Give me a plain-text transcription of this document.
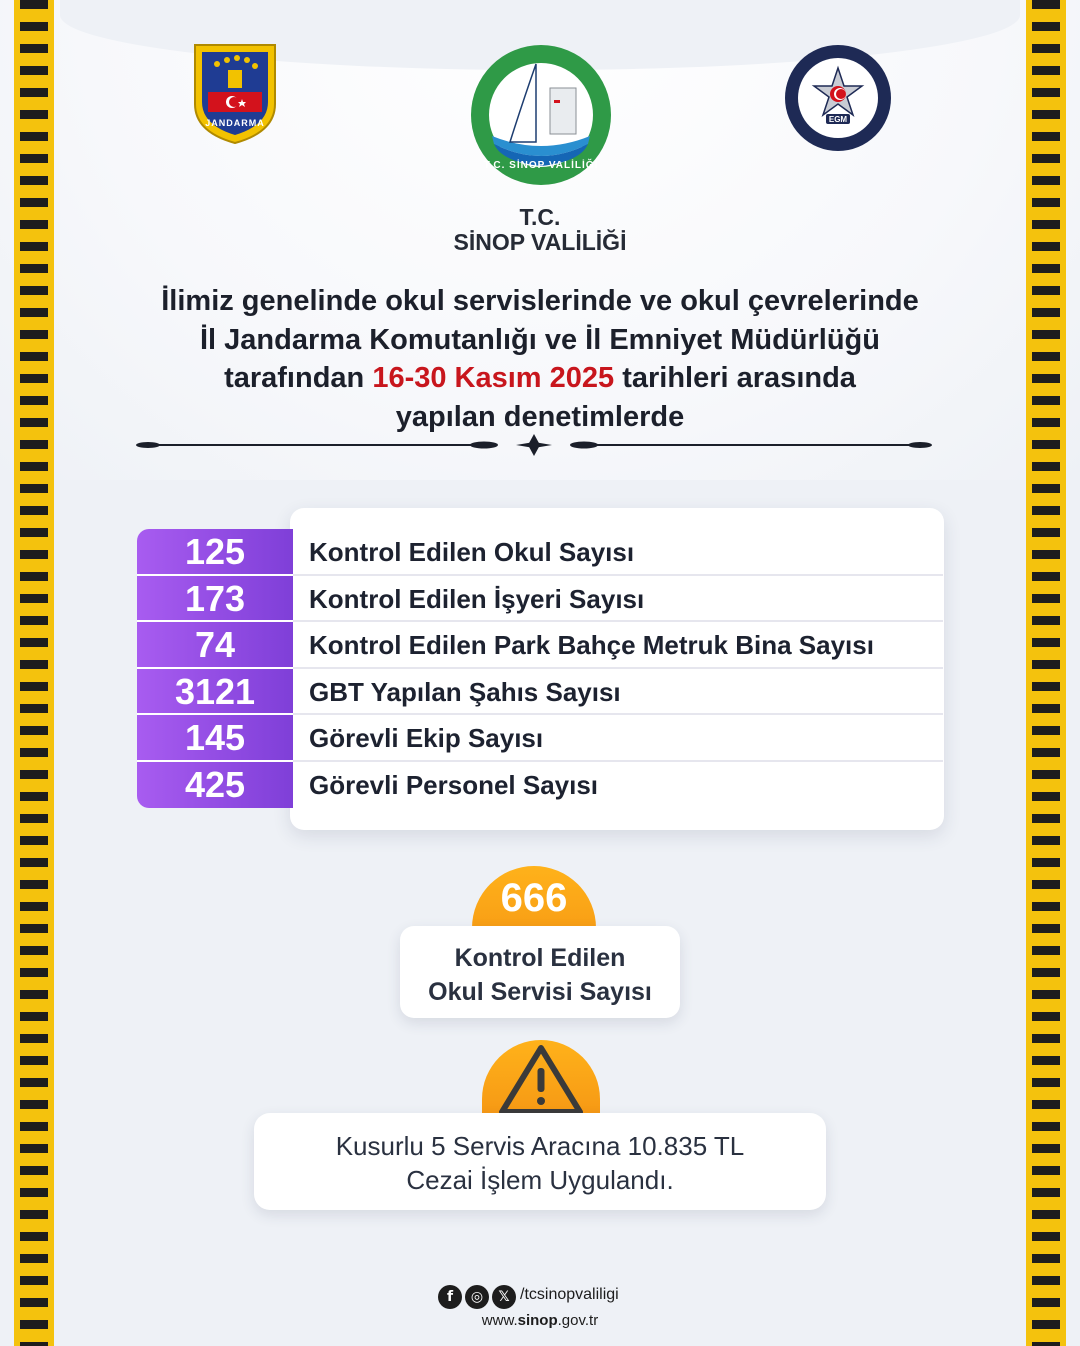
JANDARMA
T.C. SİNOP VALİLİĞİ
EGM
T.C.
SİNOP VALİLİĞİ
İlimiz genelinde okul servislerinde ve okul çevrelerinde
İl Jandarma Komutanlığı ve İl Emniyet Müdürlüğü
tarafından 16-30 Kasım 2025 tarihleri arasında
yapılan denetimlerde
125	Kontrol Edilen Okul Sayısı
173	Kontrol Edilen İşyeri Sayısı
74	Kontrol Edilen Park Bahçe Metruk Bina Sayısı
3121	GBT Yapılan Şahıs Sayısı
145	Görevli Ekip Sayısı
425	Görevli Personel Sayısı
666
Kontrol Edilen
Okul Servisi Sayısı
Kusurlu 5 Servis Aracına 10.835 TL
Cezai İşlem Uygulandı.
f	◎	𝕏 /tcsinopvaliligi
www.sinop.gov.tr
